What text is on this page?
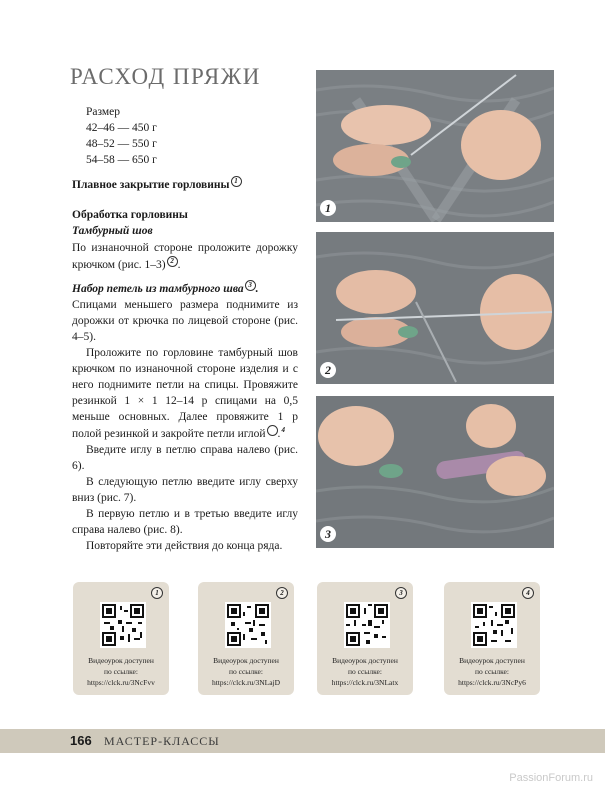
РАСХОД ПРЯЖИ
Размер
42–46 — 450 г
48–52 — 550 г
54–58 — 650 г
Плавное закрытие горловины 1
Обработка горловины
Тамбурный шов

По изнаночной стороне проложите дорожку крючком (рис. 1–3) 2 .

Набор петель из тамбурного шва 3 .

Спицами меньшего размера поднимите из дорожки от крючка по лицевой стороне (рис. 4–5).

Проложите по горловине тамбурный шов крючком по изнаночной стороне изделия и с него поднимите петли на спицы. Провяжите резинкой 1 × 1 12–14 р спицами на 0,5 меньше основных. Далее провяжите 1 р полой резинкой и закройте петли иглой 4.

Введите иглу в петлю справа налево (рис. 6).

В следующую петлю введите иглу сверху вниз (рис. 7).

В первую петлю и в третью введите иглу справа налево (рис. 8).

Повторяйте эти действия до конца ряда.

1
2
3
1
Видеоурок доступен
по ссылке:
https://clck.ru/3NcFvv
2
Видеоурок доступен
по ссылке:
https://clck.ru/3NLajD
3
Видеоурок доступен
по ссылке:
https://clck.ru/3NLatx
4
Видеоурок доступен
по ссылке:
https://clck.ru/3NcPy6
166 МАСТЕР-КЛАССЫ
PassionForum.ru
